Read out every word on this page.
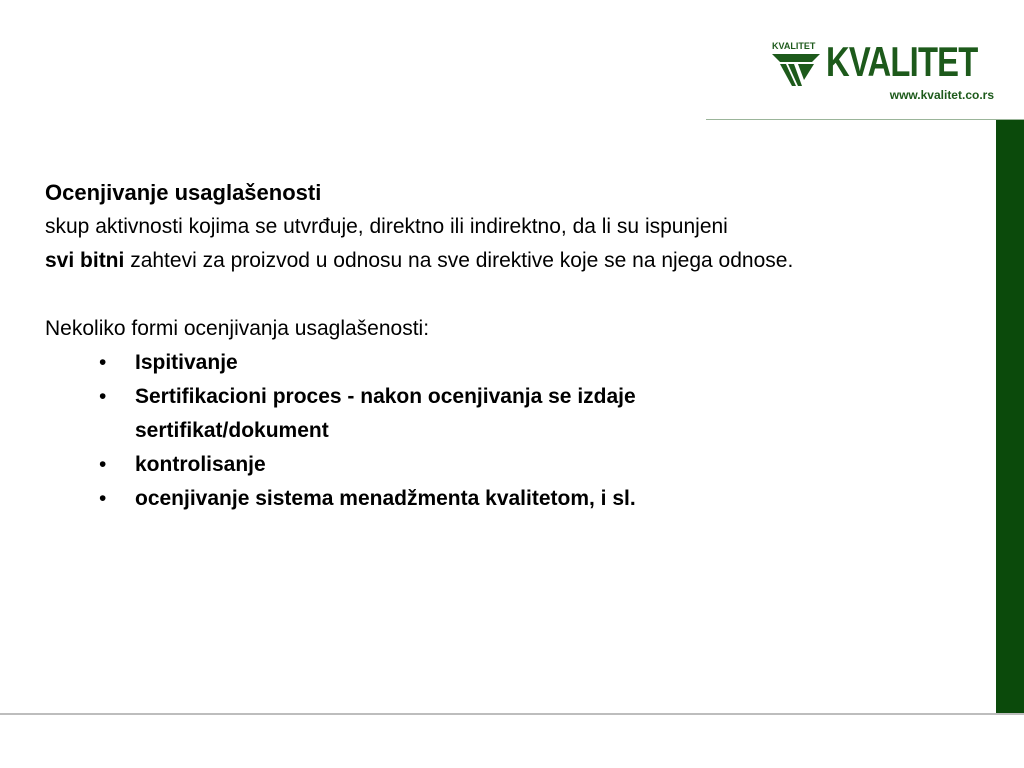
KVALITET KVALITET
www.kvalitet.co.rs
Ocenjivanje usaglašenosti
skup aktivnosti kojima se utvrđuje, direktno ili indirektno, da li su ispunjeni
svi bitni zahtevi za proizvod u odnosu na sve direktive koje se na njega odnose.
Nekoliko formi ocenjivanja usaglašenosti:
• Ispitivanje
• Sertifikacioni proces - nakon ocenjivanja se izdaje sertifikat/dokument
• kontrolisanje
• ocenjivanje sistema menadžmenta kvalitetom, i sl.
